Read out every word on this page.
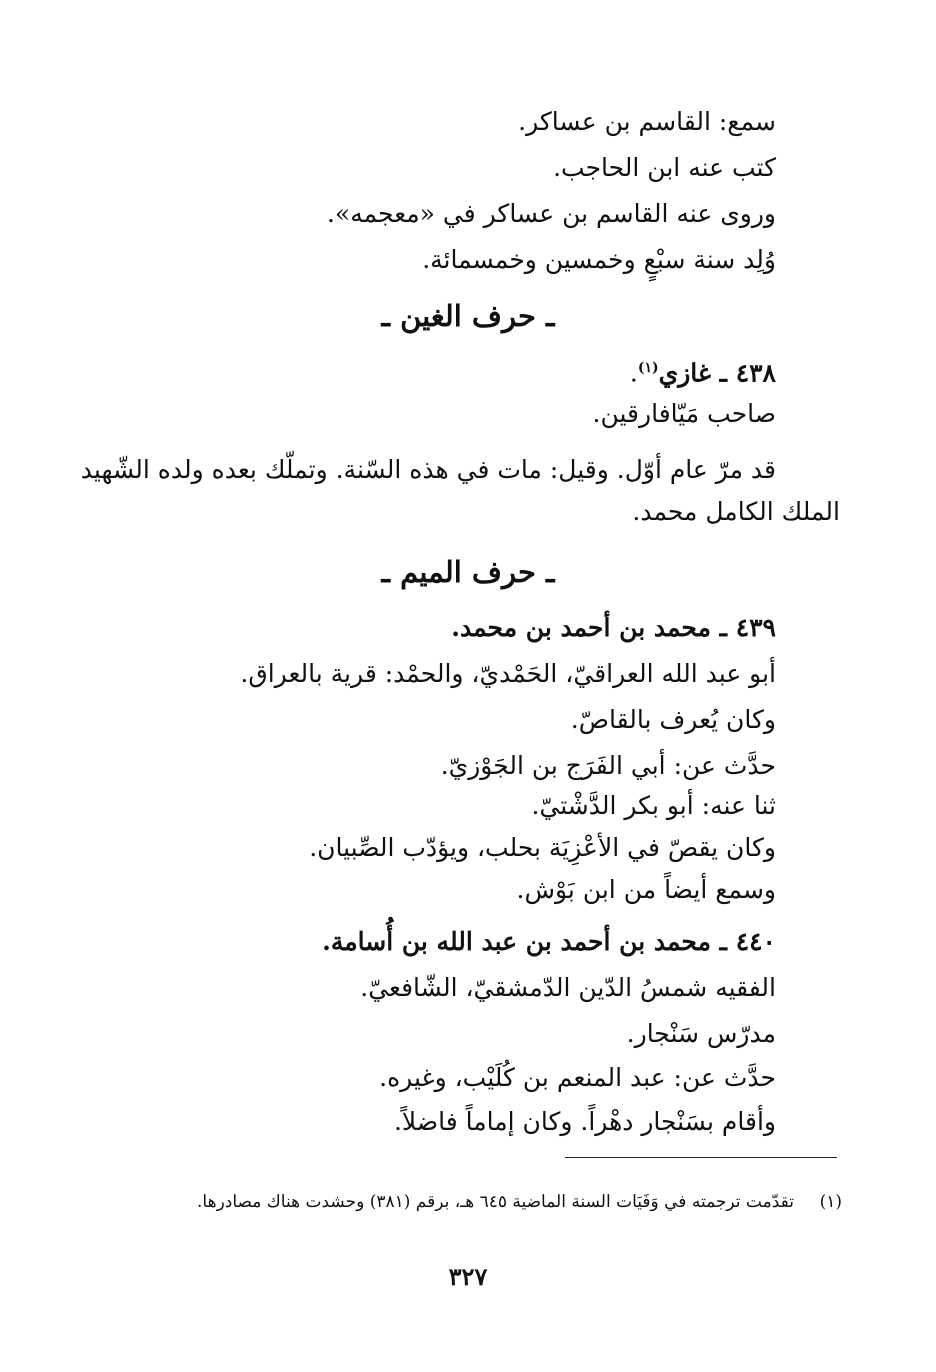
سمع: القاسم بن عساكر.
كتب عنه ابن الحاجب.
وروى عنه القاسم بن عساكر في «معجمه».
وُلِد سنة سبْعٍ وخمسين وخمسمائة.
ـ حرف الغين ـ
٤٣٨ ـ غازي$^{(١)}$.
صاحب مَيّافارقين.
قد مرّ عام أوّل. وقيل: مات في هذه السّنة. وتملّك بعده ولده الشّهيد
الملك الكامل محمد.
ـ حرف الميم ـ
٤٣٩ ـ محمد بن أحمد بن محمد.
أبو عبد الله العراقيّ، الحَمْديّ، والحمْد: قرية بالعراق.
وكان يُعرف بالقاصّ.
حدَّث عن: أبي الفَرَج بن الجَوْزيّ.
ثنا عنه: أبو بكر الدَّشْتيّ.
وكان يقصّ في الأعْزِيَة بحلب، ويؤدّب الصِّبيان.
وسمع أيضاً من ابن بَوْش.
٤٤٠ ـ محمد بن أحمد بن عبد الله بن أُسامة.
الفقيه شمسُ الدّين الدّمشقيّ، الشّافعيّ.
مدرّس سَنْجار.
حدَّث عن: عبد المنعم بن كُلَيْب، وغيره.
وأقام بسَنْجار دهْراً. وكان إماماً فاضلاً.
(١)تقدّمت ترجمته في وَفَيَات السنة الماضية ٦٤٥ هـ، برقم (٣٨١) وحشدت هناك مصادرها.
٣٢٧
